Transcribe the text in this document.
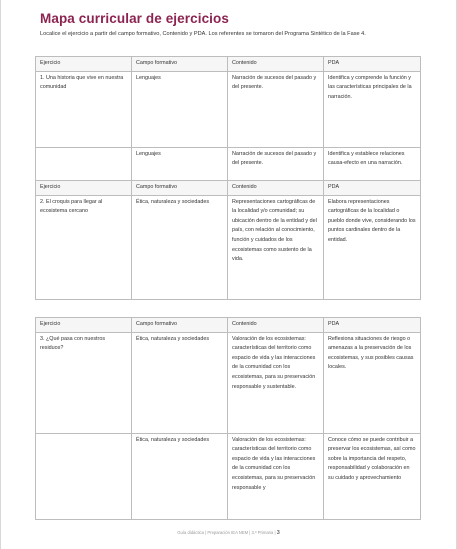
Mapa curricular de ejercicios

Localice el ejercicio a partir del campo formativo, Contenido y PDA. Los referentes se tomaron del Programa Sintético de la Fase 4.

Ejercicio	Campo formativo	Contenido	PDA
1. Una historia que vive en nuestra comunidad	Lenguajes	Narración de sucesos del pasado y del presente.	Identifica y comprende la función y las características principales de la narración.
	Lenguajes	Narración de sucesos del pasado y del presente.	Identifica y establece relaciones causa-efecto en una narración.
Ejercicio	Campo formativo	Contenido	PDA
2. El croquis para llegar al ecosistema cercano	Ética, naturaleza y sociedades	Representaciones cartográficas de la localidad y/o comunidad; su ubicación dentro de la entidad y del país, con relación al conocimiento, función y cuidados de los ecosistemas como sustento de la vida.	Elabora representaciones cartográficas de la localidad o pueblo donde vive, considerando los puntos cardinales dentro de la entidad.
Ejercicio	Campo formativo	Contenido	PDA
3. ¿Qué pasa con nuestros residuos?	Ética, naturaleza y sociedades	Valoración de los ecosistemas: características del territorio como espacio de vida y las interacciones de la comunidad con los ecosistemas, para su preservación responsable y sustentable.	Reflexiona situaciones de riesgo o amenazas a la preservación de los ecosistemas, y sus posibles causas locales.
	Ética, naturaleza y sociedades	Valoración de los ecosistemas: características del territorio como espacio de vida y las interacciones de la comunidad con los ecosistemas, para su preservación responsable y	Conoce cómo se puede contribuir a preservar los ecosistemas, así como sobre la importancia del respeto, responsabilidad y colaboración en su cuidado y aprovechamiento
Guía didáctica | Preparación IEA NEM | 3.º Primaria | 3
